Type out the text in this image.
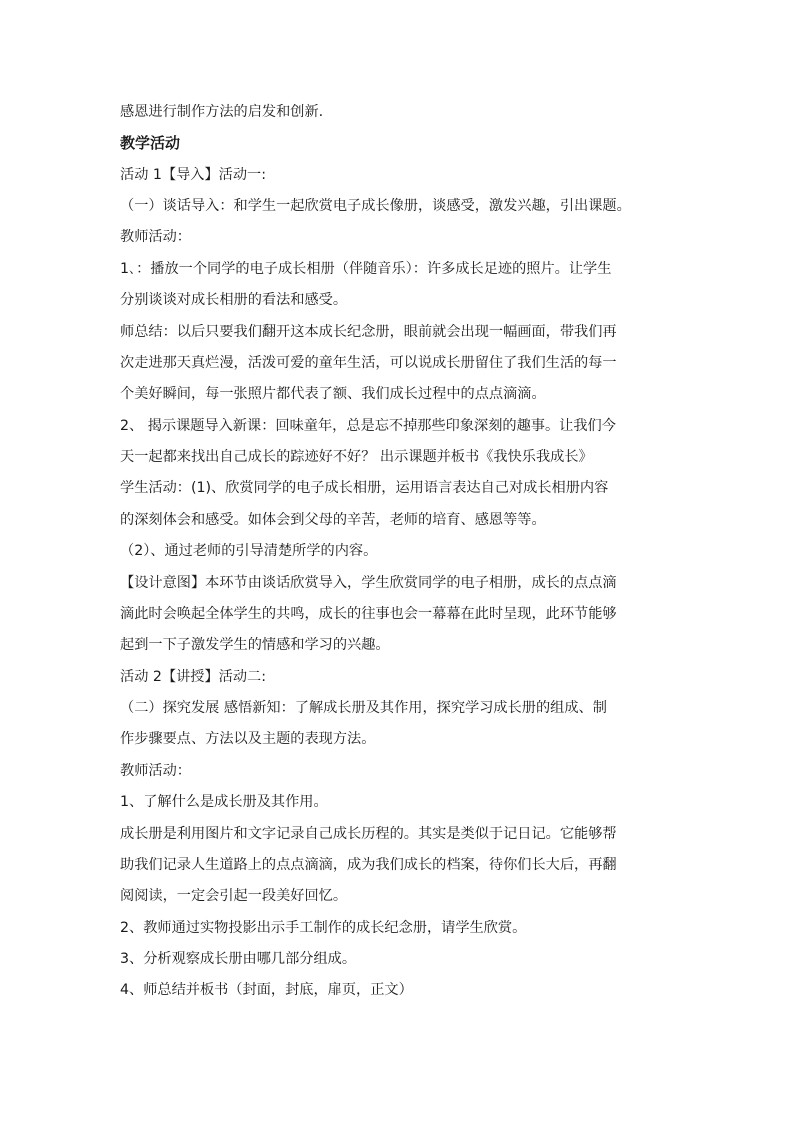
感恩进行制作方法的启发和创新.
教学活动
活动 1【导入】活动一:
（一）谈话导入：和学生一起欣赏电子成长像册，谈感受，激发兴趣，引出课题。
教师活动：
1､：播放一个同学的电子成长相册（伴随音乐）：许多成长足迹的照片。让学生
分别谈谈对成长相册的看法和感受。
师总结：以后只要我们翻开这本成长纪念册，眼前就会出现一幅画面，带我们再
次走进那天真烂漫，活泼可爱的童年生活，可以说成长册留住了我们生活的每一
个美好瞬间，每一张照片都代表了额、我们成长过程中的点点滴滴。
2、 揭示课题导入新课：回味童年，总是忘不掉那些印象深刻的趣事。让我们今
天一起都来找出自己成长的踪迹好不好？ 出示课题并板书《我快乐我成长》
学生活动：(1)、欣赏同学的电子成长相册，运用语言表达自己对成长相册内容
的深刻体会和感受。如体会到父母的辛苦，老师的培育、感恩等等。
（2）、通过老师的引导清楚所学的内容。
【设计意图】本环节由谈话欣赏导入，学生欣赏同学的电子相册，成长的点点滴
滴此时会唤起全体学生的共鸣，成长的往事也会一幕幕在此时呈现，此环节能够
起到一下子激发学生的情感和学习的兴趣。
活动 2【讲授】活动二:
（二）探究发展 感悟新知：了解成长册及其作用，探究学习成长册的组成、制
作步骤要点、方法以及主题的表现方法。
教师活动：
1、了解什么是成长册及其作用。
成长册是利用图片和文字记录自己成长历程的。其实是类似于记日记。它能够帮
助我们记录人生道路上的点点滴滴，成为我们成长的档案，待你们长大后，再翻
阅阅读，一定会引起一段美好回忆。
2、教师通过实物投影出示手工制作的成长纪念册，请学生欣赏。
3、分析观察成长册由哪几部分组成。
4、师总结并板书（封面，封底，扉页，正文）
